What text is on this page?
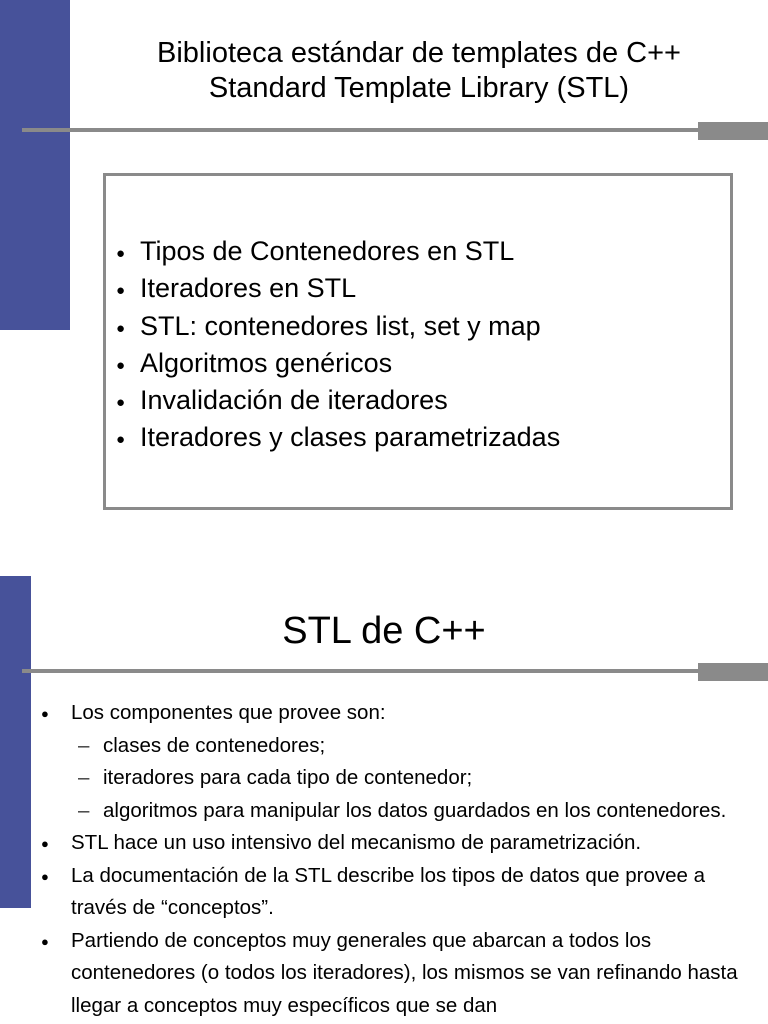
Biblioteca estándar de templates de C++
Standard Template Library (STL)
● Tipos de Contenedores en STL
● Iteradores en STL
● STL: contenedores list, set y map
● Algoritmos genéricos
● Invalidación de iteradores
● Iteradores y clases parametrizadas
STL de C++
● Los componentes que provee son:
– clases de contenedores;
– iteradores para cada tipo de contenedor;
– algoritmos para manipular los datos guardados en los contenedores.
● STL hace un uso intensivo del mecanismo de parametrización.
● La documentación de la STL describe los tipos de datos que provee a través de “conceptos”.
● Partiendo de conceptos muy generales que abarcan a todos los contenedores (o todos los iteradores), los mismos se van refinando hasta llegar a conceptos muy específicos que se dan
